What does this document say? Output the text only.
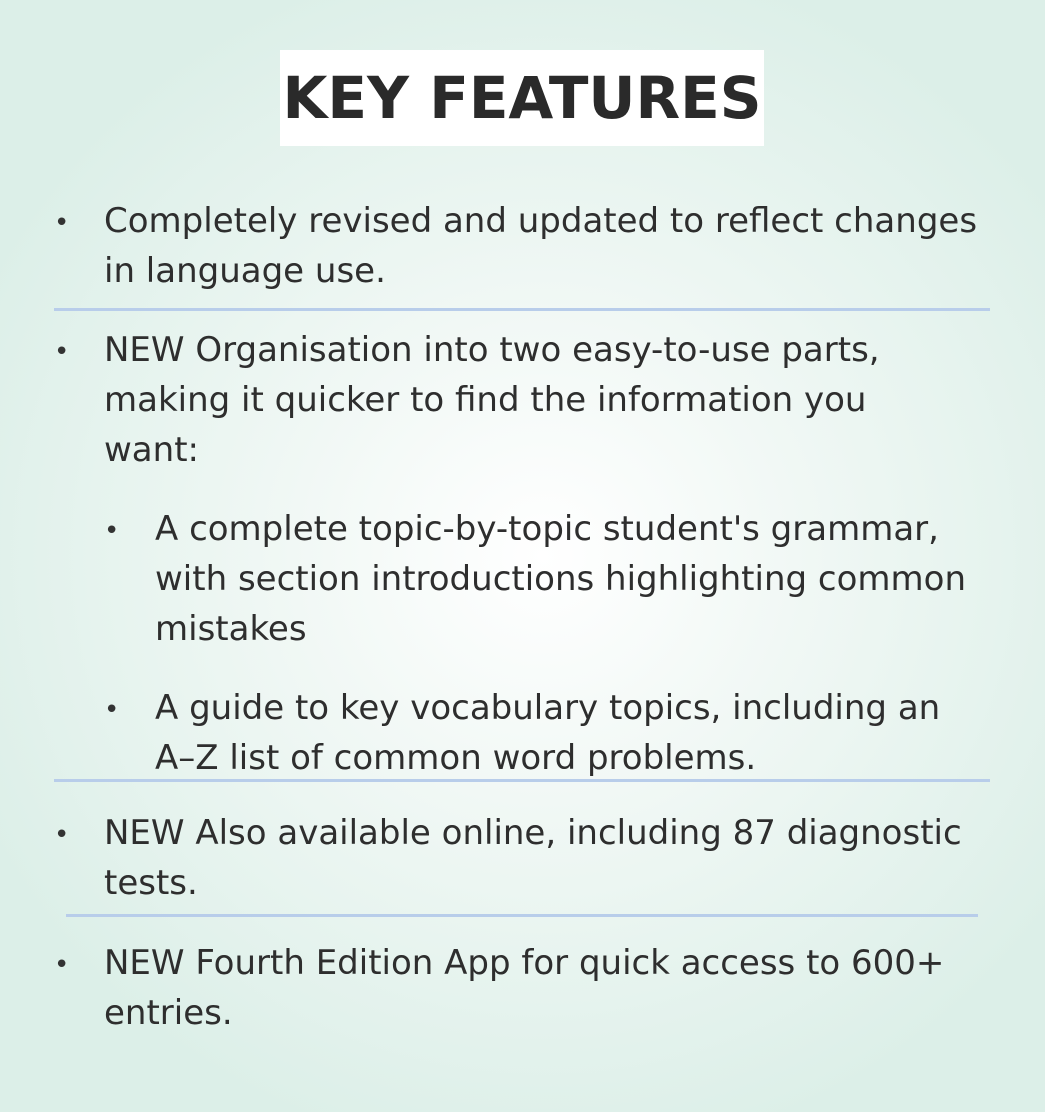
KEY FEATURES
• Completely revised and updated to reflect changes
in language use.
• NEW Organisation into two easy-to-use parts,
making it quicker to find the information you
want:
• A complete topic-by-topic student's grammar,
with section introductions highlighting common
mistakes
• A guide to key vocabulary topics, including an
A–Z list of common word problems.
• NEW Also available online, including 87 diagnostic
tests.
• NEW Fourth Edition App for quick access to 600+
entries.
